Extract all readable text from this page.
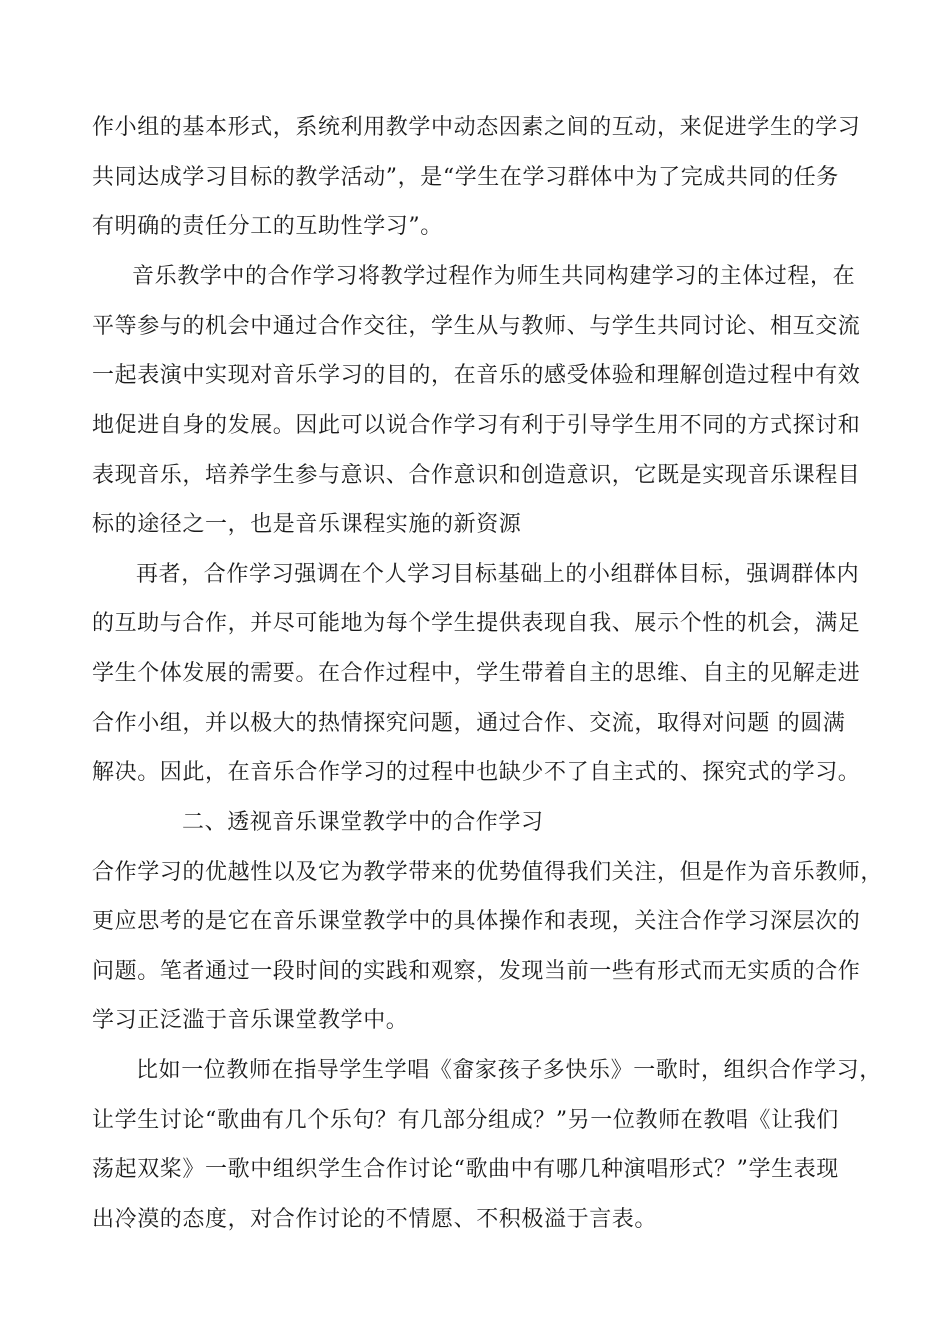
作小组的基本形式，系统利用教学中动态因素之间的互动，来促进学生的学习
共同达成学习目标的教学活动”，是“学生在学习群体中为了完成共同的任务
有明确的责任分工的互助性学习”。
音乐教学中的合作学习将教学过程作为师生共同构建学习的主体过程，在
平等参与的机会中通过合作交往，学生从与教师、与学生共同讨论、相互交流
一起表演中实现对音乐学习的目的，在音乐的感受体验和理解创造过程中有效
地促进自身的发展。因此可以说合作学习有利于引导学生用不同的方式探讨和
表现音乐，培养学生参与意识、合作意识和创造意识，它既是实现音乐课程目
标的途径之一，也是音乐课程实施的新资源
再者，合作学习强调在个人学习目标基础上的小组群体目标，强调群体内
的互助与合作，并尽可能地为每个学生提供表现自我、展示个性的机会，满足
学生个体发展的需要。在合作过程中，学生带着自主的思维、自主的见解走进
合作小组，并以极大的热情探究问题，通过合作、交流，取得对问题 的圆满
解决。因此，在音乐合作学习的过程中也缺少不了自主式的、探究式的学习。
二、透视音乐课堂教学中的合作学习
合作学习的优越性以及它为教学带来的优势值得我们关注，但是作为音乐教师，
更应思考的是它在音乐课堂教学中的具体操作和表现，关注合作学习深层次的
问题。笔者通过一段时间的实践和观察，发现当前一些有形式而无实质的合作
学习正泛滥于音乐课堂教学中。
比如一位教师在指导学生学唱《畲家孩子多快乐》一歌时，组织合作学习，
让学生讨论“歌曲有几个乐句？有几部分组成？”另一位教师在教唱《让我们
荡起双桨》一歌中组织学生合作讨论“歌曲中有哪几种演唱形式？”学生表现
出冷漠的态度，对合作讨论的不情愿、不积极溢于言表。
